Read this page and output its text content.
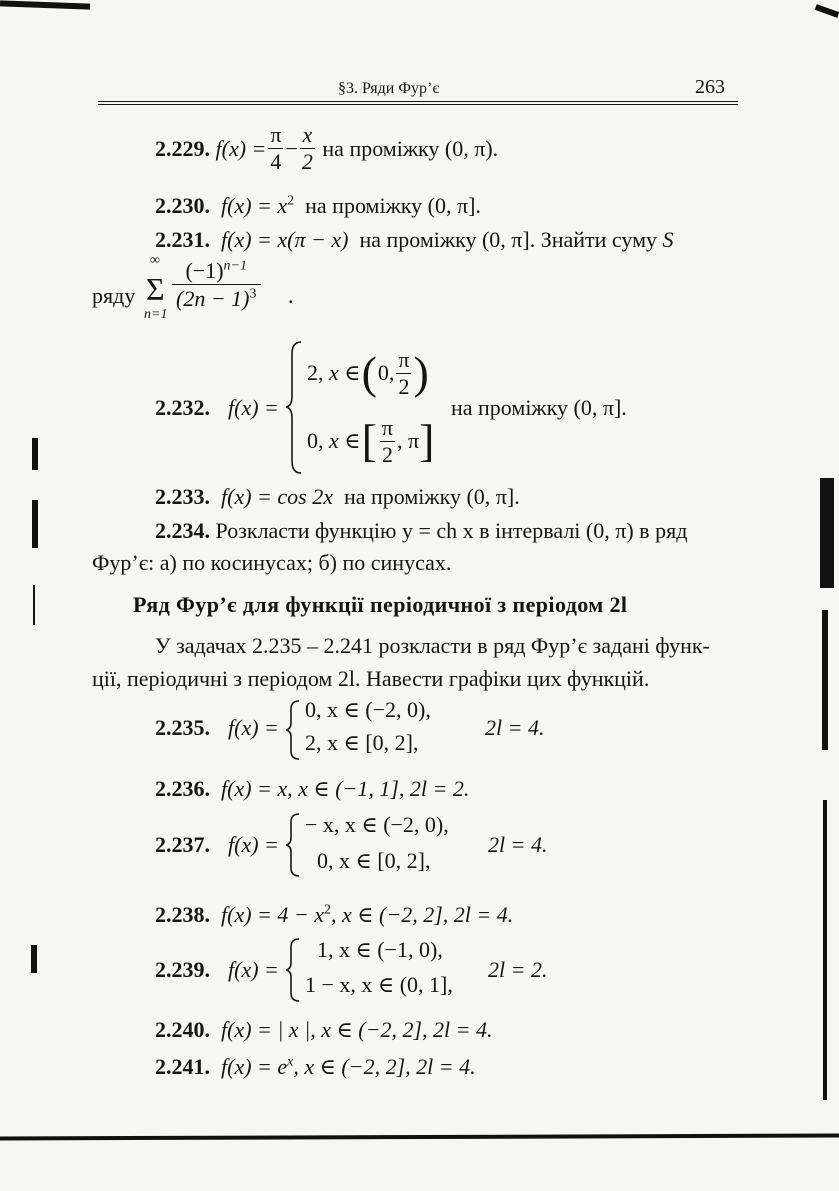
§3. Ряди Фур’є	263
2.229.
$f(x) = \frac{\pi}{4} - \frac{x}{2}$
на проміжку (0, π).
2.230. $f(x) = x^2$ на проміжку (0, π].
2.231. f(x) = x(π − x) на проміжку (0, π]. Знайти суму S
ряду
∞
Σ
n=1
$\frac{(-1)^{n-1}}{(2n - 1)^3}$ .
2.232. f(x) =
2,
x ∈ ( 0, $\frac{\pi}{2}$ )
0,
x ∈ [ $\frac{\pi}{2}$ , π ]
на проміжку (0, π].
2.233. f(x) = cos 2x на проміжку (0, π].
2.234. Розкласти функцію y = ch x в інтервалі (0, π) в ряд
Фур’є: а) по косинусах; б) по синусах.
Ряд Фур’є для функції періодичної з періодом 2l
У задачах 2.235 – 2.241 розкласти в ряд Фур’є задані функ-
ції, періодичні з періодом 2l. Навести графіки цих функцій.
2.235. f(x) =
0, x ∈ (−2, 0),
2, x ∈ [0, 2],
2l = 4.
2.236. f(x) = x, x ∈ (−1, 1], 2l = 2.
2.237. f(x) =
− x, x ∈ (−2, 0),
0, x ∈ [0, 2],
2l = 4.
2.238. $f(x) = 4 - x^2$, x ∈ (−2, 2], 2l = 4.
2.239. f(x) =
1, x ∈ (−1, 0),
1 − x, x ∈ (0, 1],
2l = 2.
2.240. f(x) = | x |, x ∈ (−2, 2], 2l = 4.
2.241. $f(x) = e^x$, x ∈ (−2, 2], 2l = 4.
